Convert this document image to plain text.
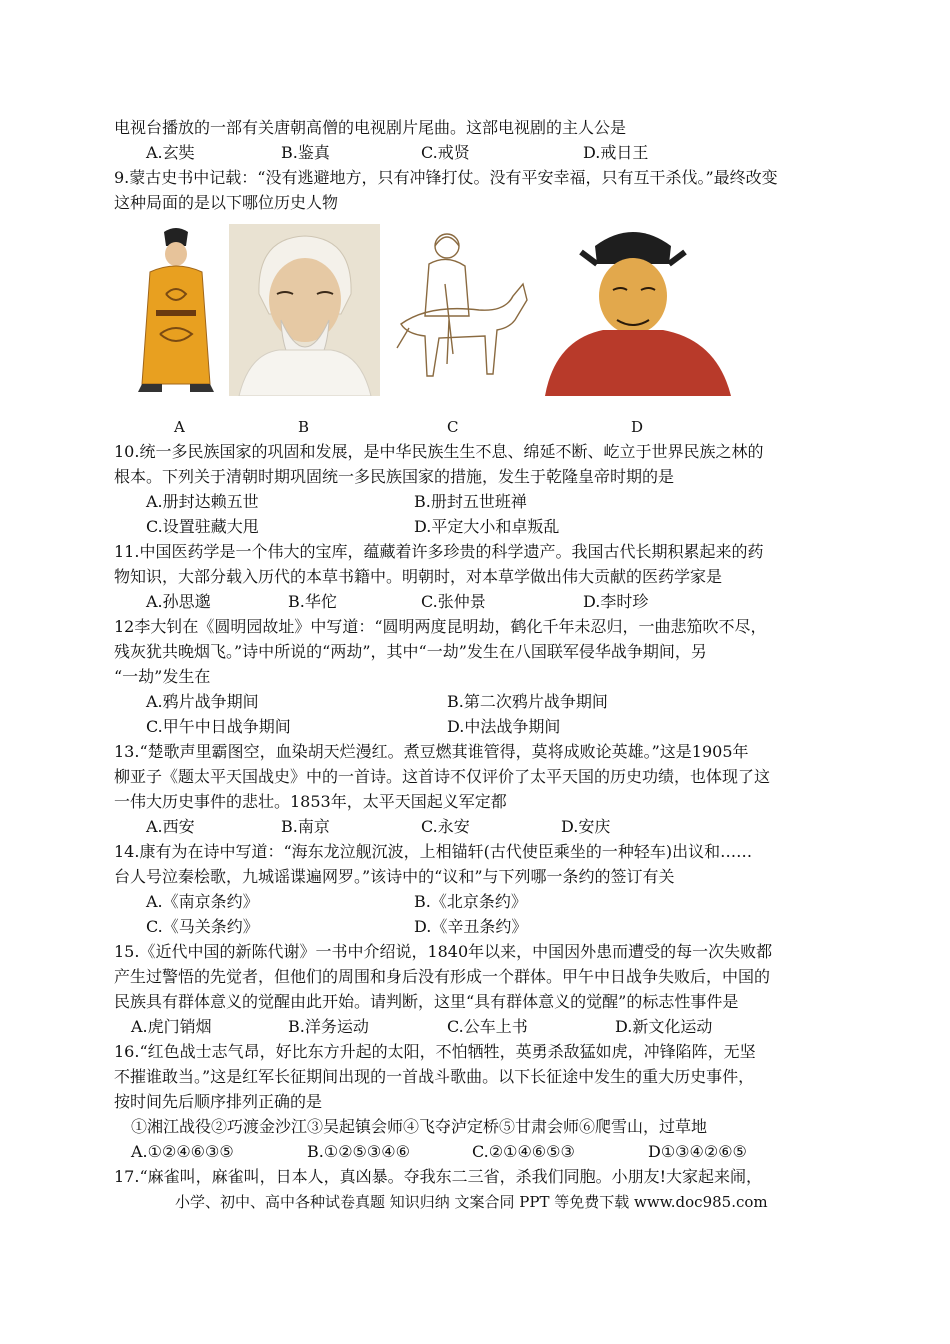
电视台播放的一部有关唐朝高僧的电视剧片尾曲。这部电视剧的主人公是
A.玄奘	B.鉴真	C.戒贤	D.戒日王
9.蒙古史书中记载：“没有逃避地方，只有冲锋打仗。没有平安幸福，只有互干杀伐。”最终改变
这种局面的是以下哪位历史人物
A	B	C	D
10.统一多民族国家的巩固和发展，是中华民族生生不息、绵延不断、屹立于世界民族之林的
根本。下列关于清朝时期巩固统一多民族国家的措施，发生于乾隆皇帝时期的是
A.册封达赖五世	B.册封五世班禅
C.设置驻藏大甩	D.平定大小和卓叛乱
11.中国医药学是一个伟大的宝库，蕴藏着许多珍贵的科学遗产。我国古代长期积累起来的药
物知识，大部分载入历代的本草书籍中。明朝时，对本草学做出伟大贡献的医药学家是
A.孙思邈	B.华佗	C.张仲景	D.李时珍
12李大钊在《圆明园故址》中写道：“圆明两度昆明劫，鹤化千年未忍归，一曲悲笳吹不尽，
残灰犹共晚烟飞。”诗中所说的“两劫”，其中“一劫”发生在八国联军侵华战争期间，另
“一劫”发生在
A.鸦片战争期间	B.第二次鸦片战争期间
C.甲午中日战争期间	D.中法战争期间
13.“楚歌声里霸图空，血染胡天烂漫红。煮豆燃萁谁管得，莫将成败论英雄。”这是1905年
柳亚子《题太平天国战史》中的一首诗。这首诗不仅评价了太平天国的历史功绩，也体现了这
一伟大历史事件的悲壮。1853年，太平天国起义军定都
A.西安	B.南京	C.永安	D.安庆
14.康有为在诗中写道：“海东龙泣舰沉波，上相锚轩(古代使臣乘坐的一种轻车)出议和……
台人号泣秦桧歌，九城谣谍遍网罗。”该诗中的“议和”与下列哪一条约的签订有关
A.《南京条约》	B.《北京条约》
C.《马关条约》	D.《辛丑条约》
15.《近代中国的新陈代谢》一书中介绍说，1840年以来，中国因外患而遭受的每一次失败都
产生过警悟的先觉者，但他们的周围和身后没有形成一个群体。甲午中日战争失败后，中国的
民族具有群体意义的觉醒由此开始。请判断，这里“具有群体意义的觉醒”的标志性事件是
A.虎门销烟	B.洋务运动	C.公车上书	D.新文化运动
16.“红色战士志气昂，好比东方升起的太阳，不怕牺牲，英勇杀敌猛如虎，冲锋陷阵，无坚
不摧谁敢当。”这是红军长征期间出现的一首战斗歌曲。以下长征途中发生的重大历史事件，
按时间先后顺序排列正确的是
①湘江战役②巧渡金沙江③吴起镇会师④飞夺泸定桥⑤甘肃会师⑥爬雪山，过草地
A.①②④⑥③⑤	B.①②⑤③④⑥	C.②①④⑥⑤③	D①③④②⑥⑤
17.“麻雀叫，麻雀叫，日本人，真凶暴。夺我东二三省，杀我们同胞。小朋友!大家起来闹，
小学、初中、高中各种试卷真题 知识归纳 文案合同 PPT 等免费下载 www.doc985.com
